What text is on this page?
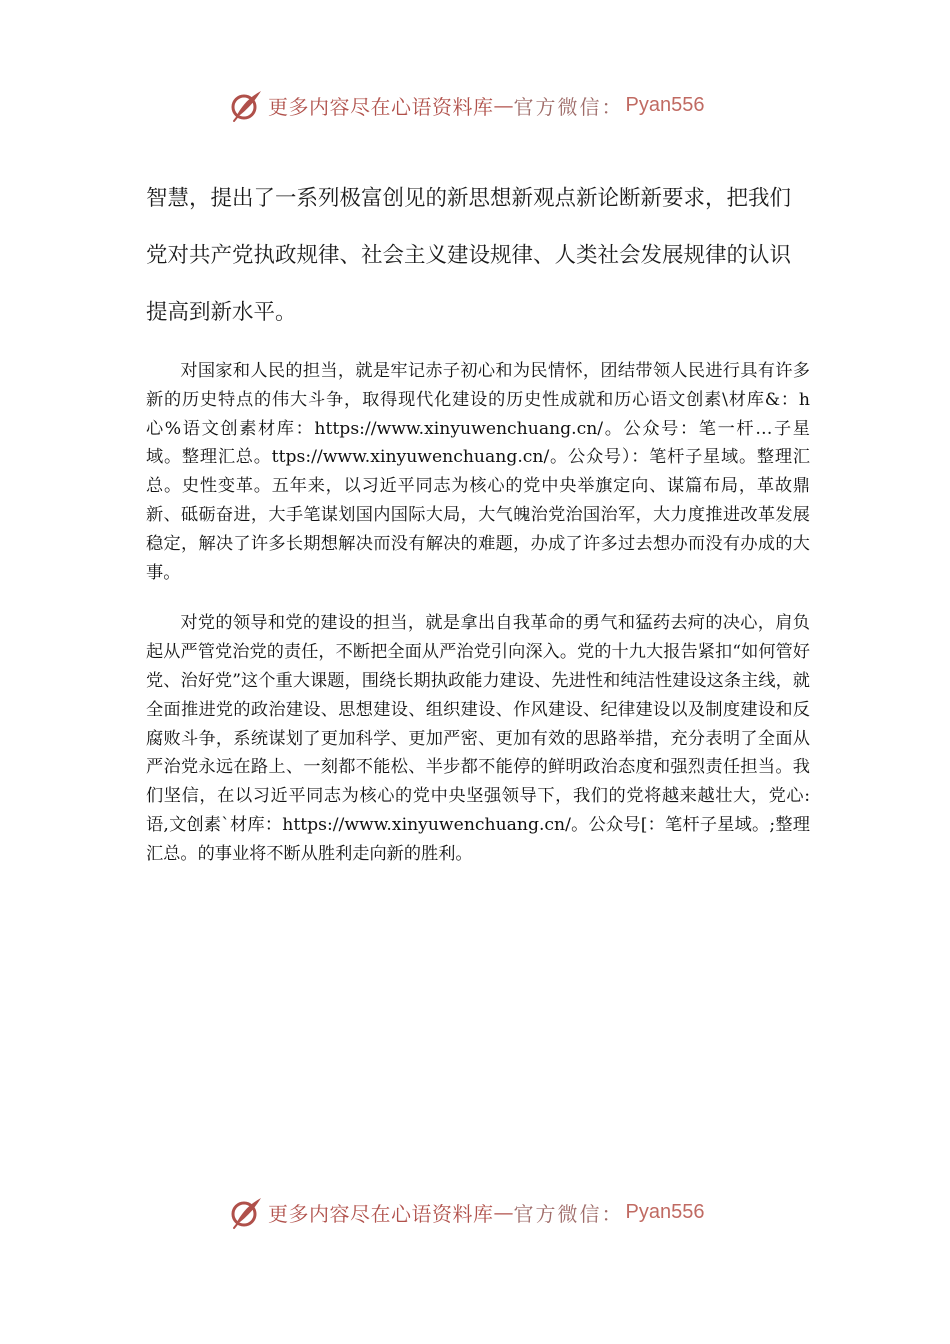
更多内容尽在心语资料库 — 官方微信： Pyan556

智慧，提出了一系列极富创见的新思想新观点新论断新要求，把我们党对共产党执政规律、社会主义建设规律、人类社会发展规律的认识提高到新水平。

对国家和人民的担当，就是牢记赤子初心和为民情怀，团结带领人民进行具有许多新的历史特点的伟大斗争，取得现代化建设的历史性成就和历心语文创素\材库&：h 心%语文创素材库：https://www.xinyuwenchuang.cn/。公众号：笔一杆…子星域。整理汇总。ttps://www.xinyuwenchuang.cn/。公众号）：笔杆子星域。整理汇总。史性变革。五年来，以习近平同志为核心的党中央举旗定向、谋篇布局，革故鼎新、砥砺奋进，大手笔谋划国内国际大局，大气魄治党治国治军，大力度推进改革发展稳定，解决了许多长期想解决而没有解决的难题，办成了许多过去想办而没有办成的大事。

对党的领导和党的建设的担当，就是拿出自我革命的勇气和猛药去疴的决心，肩负起从严管党治党的责任，不断把全面从严治党引向深入。党的十九大报告紧扣“如何管好党、治好党”这个重大课题，围绕长期执政能力建设、先进性和纯洁性建设这条主线，就全面推进党的政治建设、思想建设、组织建设、作风建设、纪律建设以及制度建设和反腐败斗争，系统谋划了更加科学、更加严密、更加有效的思路举措，充分表明了全面从严治党永远在路上、一刻都不能松、半步都不能停的鲜明政治态度和强烈责任担当。我们坚信，在以习近平同志为核心的党中央坚强领导下，我们的党将越来越壮大，党心:语,文创素`材库：https://www.xinyuwenchuang.cn/。公众号[：笔杆子星域。;整理汇总。的事业将不断从胜利走向新的胜利。

更多内容尽在心语资料库 — 官方微信： Pyan556
